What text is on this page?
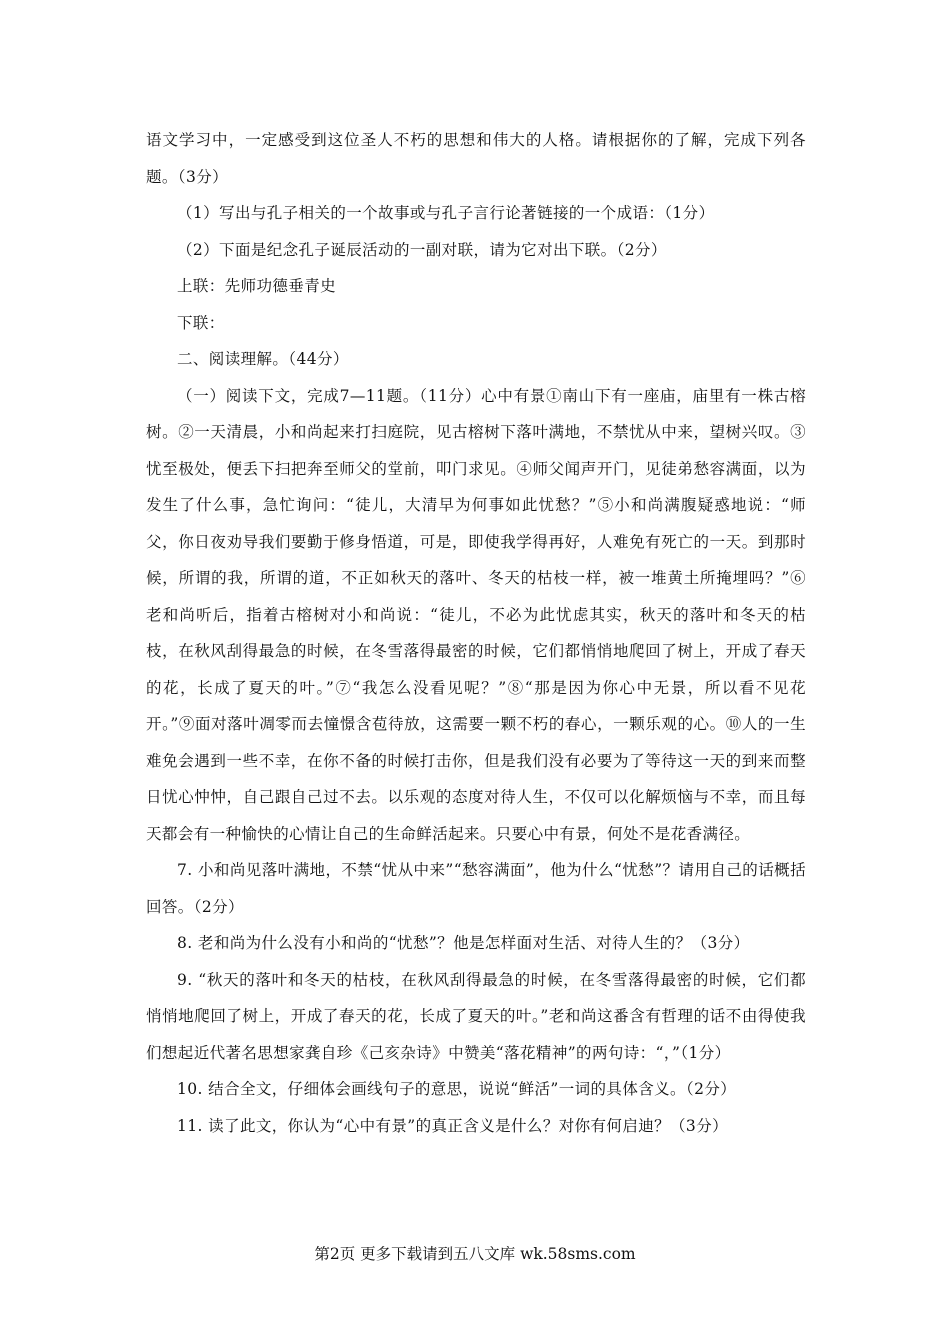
语文学习中，一定感受到这位圣人不朽的思想和伟大的人格。请根据你的了解，完成下列各题。（3分）

（1）写出与孔子相关的一个故事或与孔子言行论著链接的一个成语：（1分）

（2）下面是纪念孔子诞辰活动的一副对联，请为它对出下联。（2分）

上联：先师功德垂青史

下联：

二、阅读理解。（44分）

（一）阅读下文，完成7—11题。（11分）心中有景①南山下有一座庙，庙里有一株古榕树。②一天清晨，小和尚起来打扫庭院，见古榕树下落叶满地，不禁忧从中来，望树兴叹。③忧至极处，便丢下扫把奔至师父的堂前，叩门求见。④师父闻声开门，见徒弟愁容满面，以为发生了什么事，急忙询问：“徒儿，大清早为何事如此忧愁？”⑤小和尚满腹疑惑地说：“师父，你日夜劝导我们要勤于修身悟道，可是，即使我学得再好，人难免有死亡的一天。到那时候，所谓的我，所谓的道，不正如秋天的落叶、冬天的枯枝一样，被一堆黄土所掩埋吗？”⑥老和尚听后，指着古榕树对小和尚说：“徒儿，不必为此忧虑其实，秋天的落叶和冬天的枯枝，在秋风刮得最急的时候，在冬雪落得最密的时候，它们都悄悄地爬回了树上，开成了春天的花，长成了夏天的叶。”⑦“我怎么没看见呢？”⑧“那是因为你心中无景，所以看不见花开。”⑨面对落叶凋零而去憧憬含苞待放，这需要一颗不朽的春心，一颗乐观的心。⑩人的一生难免会遇到一些不幸，在你不备的时候打击你，但是我们没有必要为了等待这一天的到来而整日忧心忡忡，自己跟自己过不去。以乐观的态度对待人生，不仅可以化解烦恼与不幸，而且每天都会有一种愉快的心情让自己的生命鲜活起来。只要心中有景，何处不是花香满径。

7. 小和尚见落叶满地，不禁“忧从中来”“愁容满面”，他为什么“忧愁”？请用自己的话概括回答。（2分）

8. 老和尚为什么没有小和尚的“忧愁”？他是怎样面对生活、对待人生的？（3分）

9. “秋天的落叶和冬天的枯枝，在秋风刮得最急的时候，在冬雪落得最密的时候，它们都悄悄地爬回了树上，开成了春天的花，长成了夏天的叶。”老和尚这番含有哲理的话不由得使我们想起近代著名思想家龚自珍《己亥杂诗》中赞美“落花精神”的两句诗：“，”（1分）

10. 结合全文，仔细体会画线句子的意思，说说“鲜活”一词的具体含义。（2分）

11. 读了此文，你认为“心中有景”的真正含义是什么？对你有何启迪？（3分）

第2页 更多下载请到五八文库 wk.58sms.com
